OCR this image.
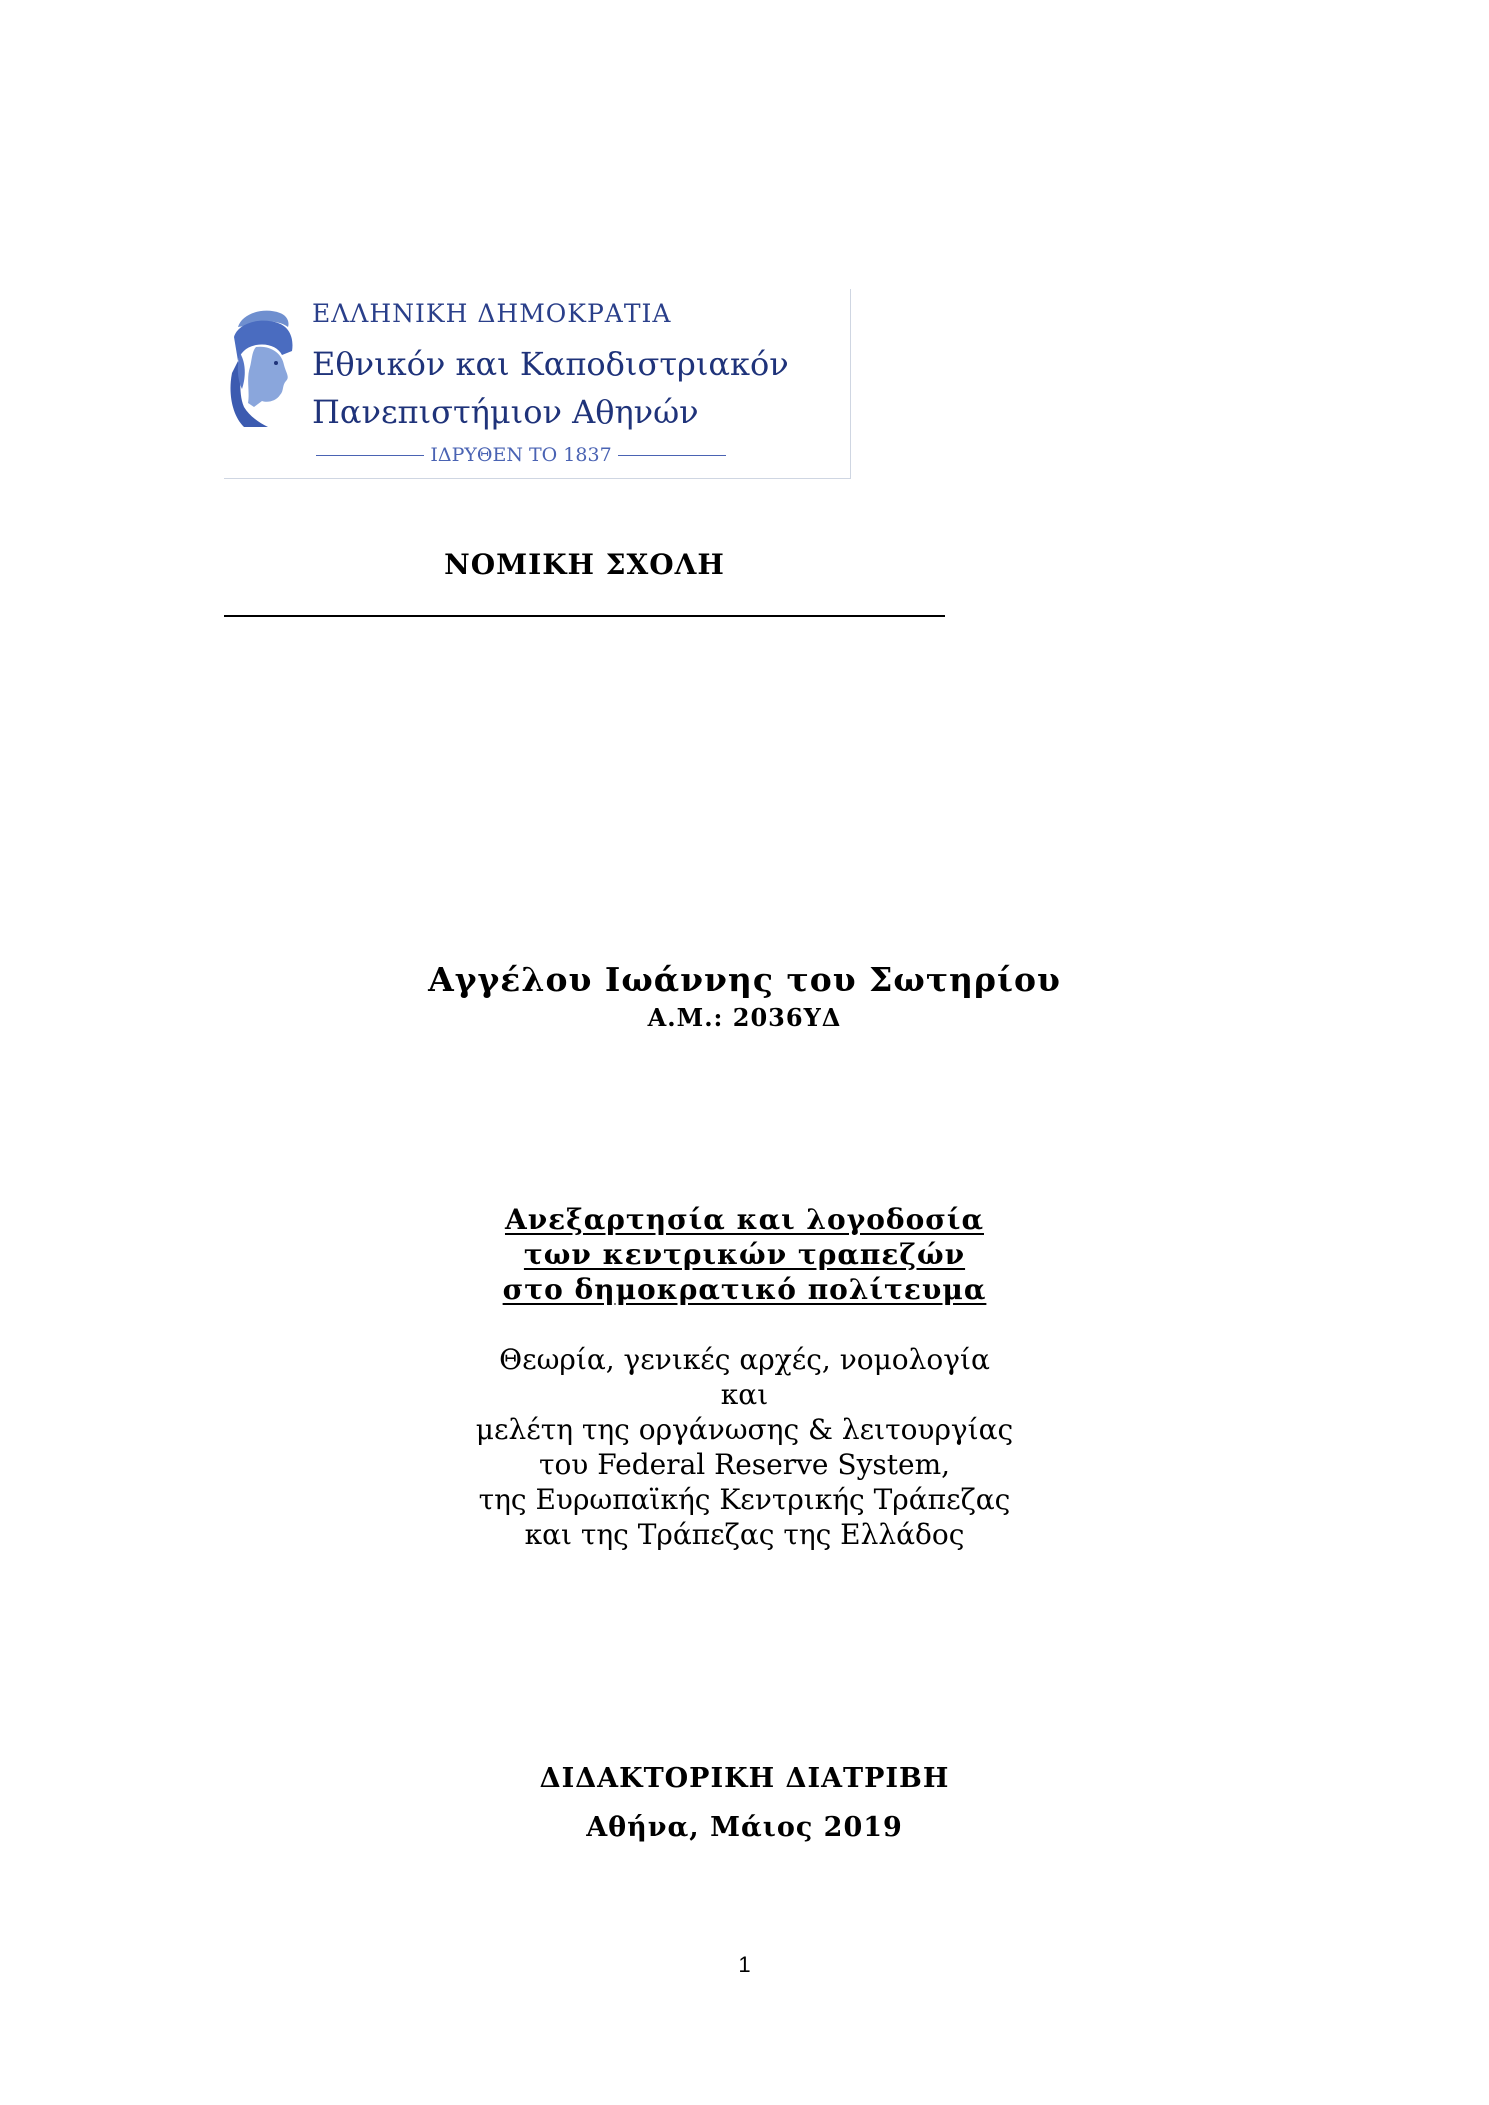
ΕΛΛΗΝΙΚΗ ΔΗΜΟΚΡΑΤΙΑ
Εθνικόν και Καποδιστριακόν
Πανεπιστήμιον Αθηνών
ΙΔΡΥΘΕΝ ΤΟ 1837
ΝΟΜΙΚΗ ΣΧΟΛΗ
Αγγέλου Ιωάννης του Σωτηρίου
Α.Μ.: 2036ΥΔ
Ανεξαρτησία και λογοδοσία
των κεντρικών τραπεζών
στο δημοκρατικό πολίτευμα
Θεωρία, γενικές αρχές, νομολογία
και
μελέτη της οργάνωσης & λειτουργίας
του Federal Reserve System,
της Ευρωπαϊκής Κεντρικής Τράπεζας
και της Τράπεζας της Ελλάδος
ΔΙΔΑΚΤΟΡΙΚΗ ΔΙΑΤΡΙΒΗ
Αθήνα, Μάιος 2019
1
